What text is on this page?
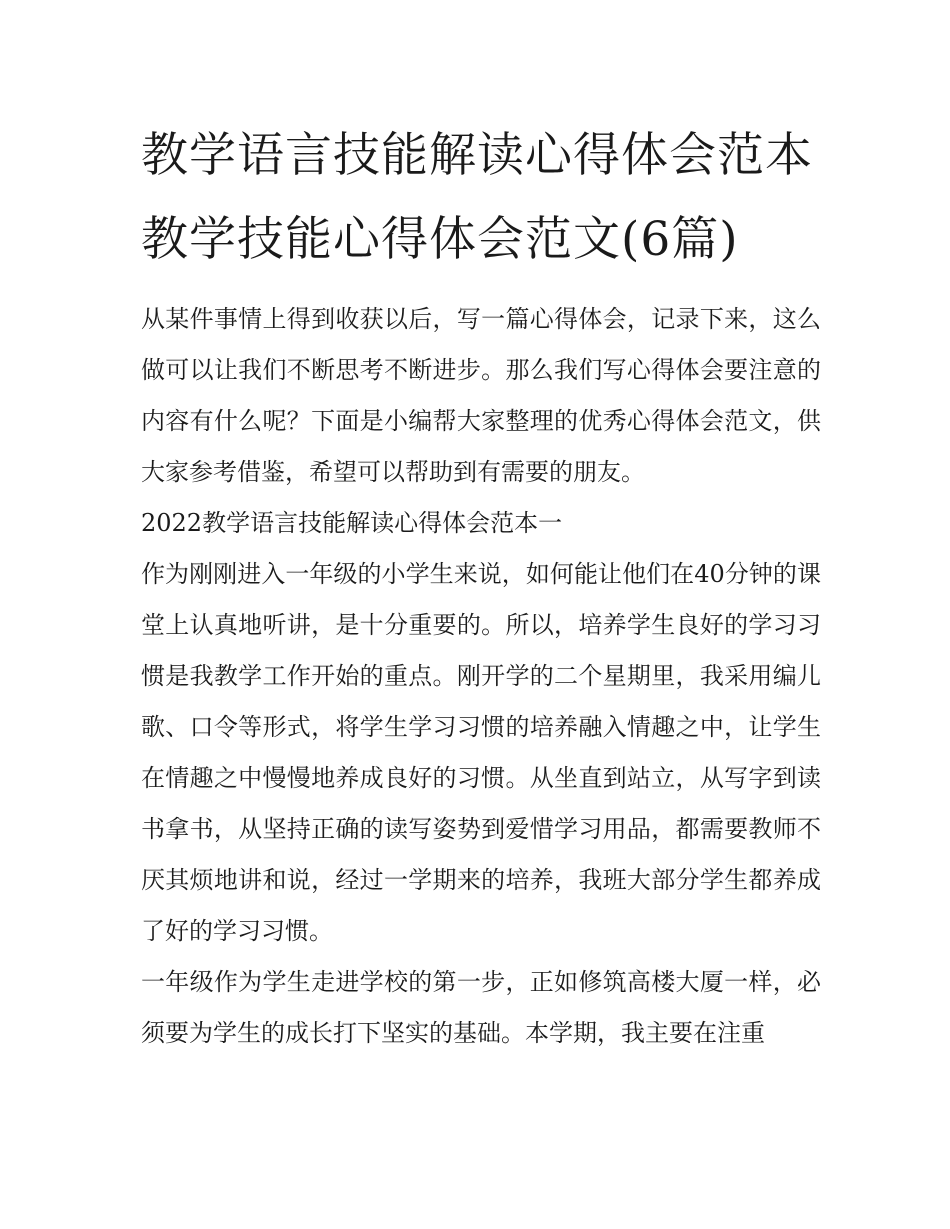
教学语言技能解读心得体会范本 教学技能心得体会范文(6篇)

从某件事情上得到收获以后，写一篇心得体会，记录下来，这么做可以让我们不断思考不断进步。那么我们写心得体会要注意的内容有什么呢？下面是小编帮大家整理的优秀心得体会范文，供大家参考借鉴，希望可以帮助到有需要的朋友。

2022教学语言技能解读心得体会范本一

作为刚刚进入一年级的小学生来说，如何能让他们在40分钟的课堂上认真地听讲，是十分重要的。所以，培养学生良好的学习习惯是我教学工作开始的重点。刚开学的二个星期里，我采用编儿歌、口令等形式，将学生学习习惯的培养融入情趣之中，让学生在情趣之中慢慢地养成良好的习惯。从坐直到站立，从写字到读书拿书，从坚持正确的读写姿势到爱惜学习用品，都需要教师不厌其烦地讲和说，经过一学期来的培养，我班大部分学生都养成了好的学习习惯。

一年级作为学生走进学校的第一步，正如修筑高楼大厦一样，必须要为学生的成长打下坚实的基础。本学期，我主要在注重
